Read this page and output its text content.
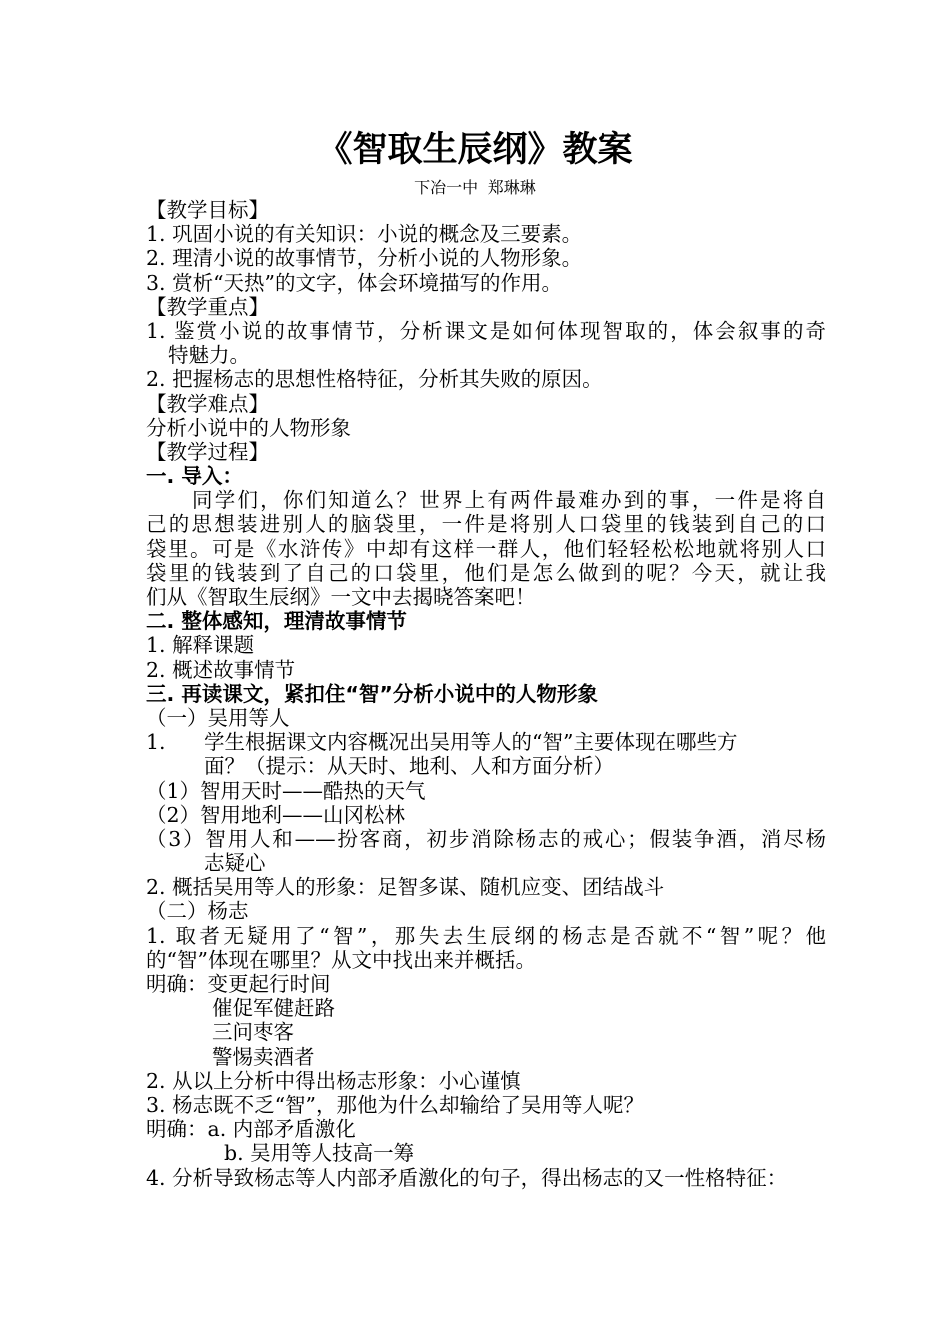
《智取生辰纲》教案
下冶一中 郑琳琳
【教学目标】
1. 巩固小说的有关知识：小说的概念及三要素。
2. 理清小说的故事情节，分析小说的人物形象。
3. 赏析“天热”的文字，体会环境描写的作用。
【教学重点】
1. 鉴赏小说的故事情节，分析课文是如何体现智取的，体会叙事的奇
特魅力。
2. 把握杨志的思想性格特征，分析其失败的原因。
【教学难点】
分析小说中的人物形象
【教学过程】
一. 导入：
同学们，你们知道么？世界上有两件最难办到的事，一件是将自
己的思想装进别人的脑袋里，一件是将别人口袋里的钱装到自己的口
袋里。可是《水浒传》中却有这样一群人，他们轻轻松松地就将别人口
袋里的钱装到了自己的口袋里，他们是怎么做到的呢？今天，就让我
们从《智取生辰纲》一文中去揭晓答案吧！
二. 整体感知，理清故事情节
1. 解释课题
2. 概述故事情节
三. 再读课文，紧扣住“智”分析小说中的人物形象
（一）吴用等人
1. 学生根据课文内容概况出吴用等人的“智”主要体现在哪些方
面？（提示：从天时、地利、人和方面分析）
（1）智用天时——酷热的天气
（2）智用地利——山冈松林
（3）智用人和——扮客商，初步消除杨志的戒心；假装争酒，消尽杨
志疑心
2. 概括吴用等人的形象：足智多谋、随机应变、团结战斗
（二）杨志
1. 取者无疑用了“智”，那失去生辰纲的杨志是否就不“智”呢？他
的“智”体现在哪里？从文中找出来并概括。
明确：变更起行时间
催促军健赶路
三问枣客
警惕卖酒者
2. 从以上分析中得出杨志形象：小心谨慎
3. 杨志既不乏“智”，那他为什么却输给了吴用等人呢？
明确：a. 内部矛盾激化
b. 吴用等人技高一筹
4. 分析导致杨志等人内部矛盾激化的句子，得出杨志的又一性格特征：
